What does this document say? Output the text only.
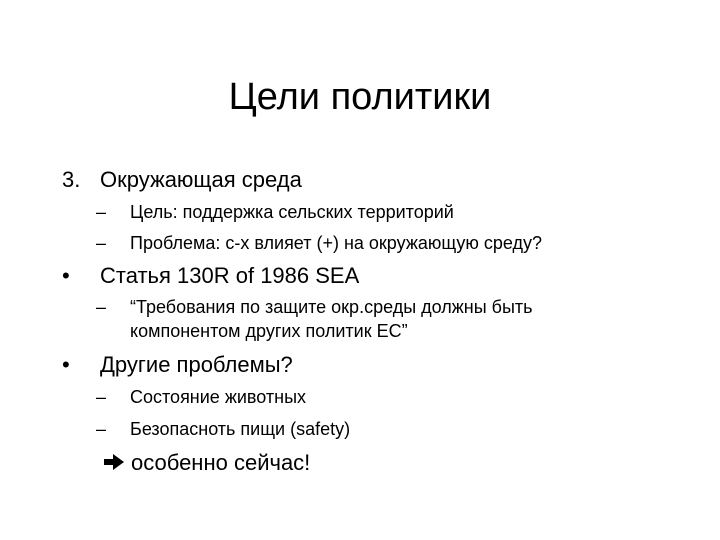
Цели политики
3. Окружающая среда
– Цель: поддержка сельских территорий
– Проблема: с-х влияет (+) на окружающую среду?
• Статья 130R of 1986 SEA
– “Требования по защите окр.среды должны быть
компонентом других политик ЕС”
• Другие проблемы?
– Состояние животных
– Безопасноть пищи (safety)
особенно сейчас!
